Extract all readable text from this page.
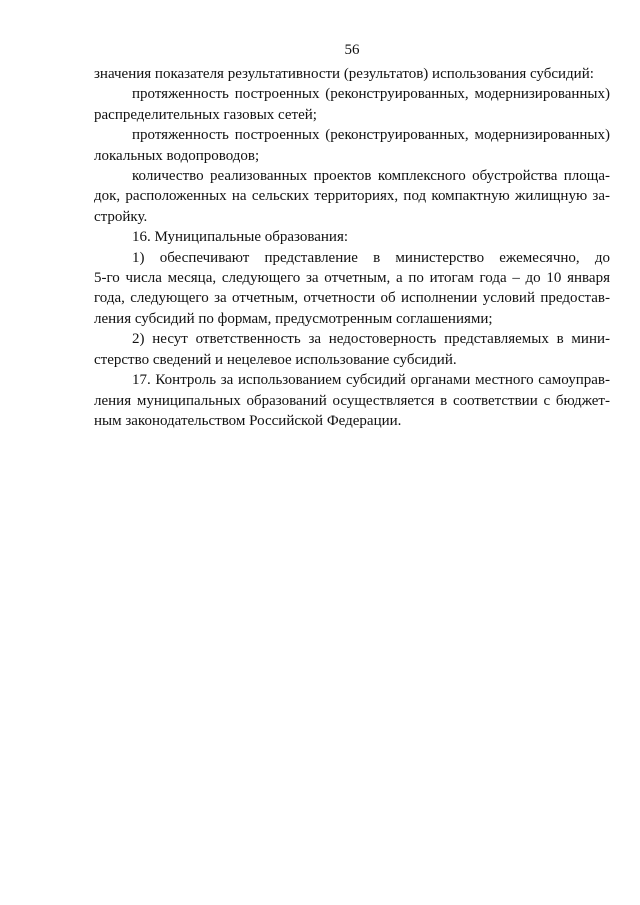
56

значения показателя результативности (результатов) использования субсидий:

протяженность построенных (реконструированных, модернизированных)
распределительных газовых сетей;

протяженность построенных (реконструированных, модернизированных)
локальных водопроводов;

количество реализованных проектов комплексного обустройства площа-
док, расположенных на сельских территориях, под компактную жилищную за-
стройку.

16. Муниципальные образования:

1) обеспечивают представление в министерство ежемесячно, до
5-го числа месяца, следующего за отчетным, а по итогам года – до 10 января
года, следующего за отчетным, отчетности об исполнении условий предостав-
ления субсидий по формам, предусмотренным соглашениями;

2) несут ответственность за недостоверность представляемых в мини-
стерство сведений и нецелевое использование субсидий.

17. Контроль за использованием субсидий органами местного самоуправ-
ления муниципальных образований осуществляется в соответствии с бюджет-
ным законодательством Российской Федерации.
